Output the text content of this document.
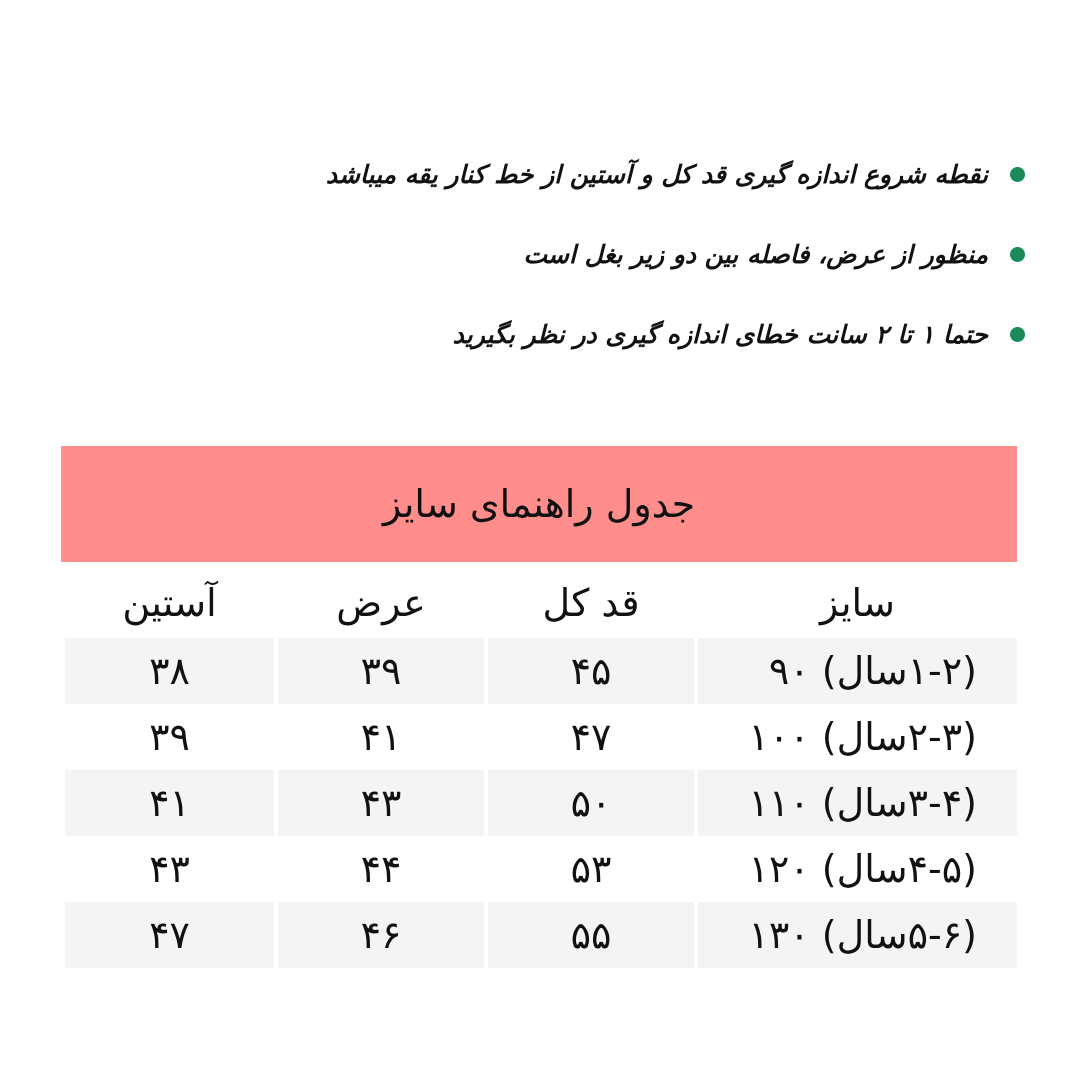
نقطه شروع اندازه گیری قد کل و آستین از خط کنار یقه میباشد
منظور از عرض، فاصله بین دو زیر بغل است
حتما ۱ تا ۲ سانت خطای اندازه گیری در نظر بگیرید
جدول راهنمای سایز
سایز
قد کل
عرض
آستین
(۱-۲سال) ۹۰
۴۵
۳۹
۳۸
(۲-۳سال) ۱۰۰
۴۷
۴۱
۳۹
(۳-۴سال) ۱۱۰
۵۰
۴۳
۴۱
(۴-۵سال) ۱۲۰
۵۳
۴۴
۴۳
(۵-۶سال) ۱۳۰
۵۵
۴۶
۴۷
